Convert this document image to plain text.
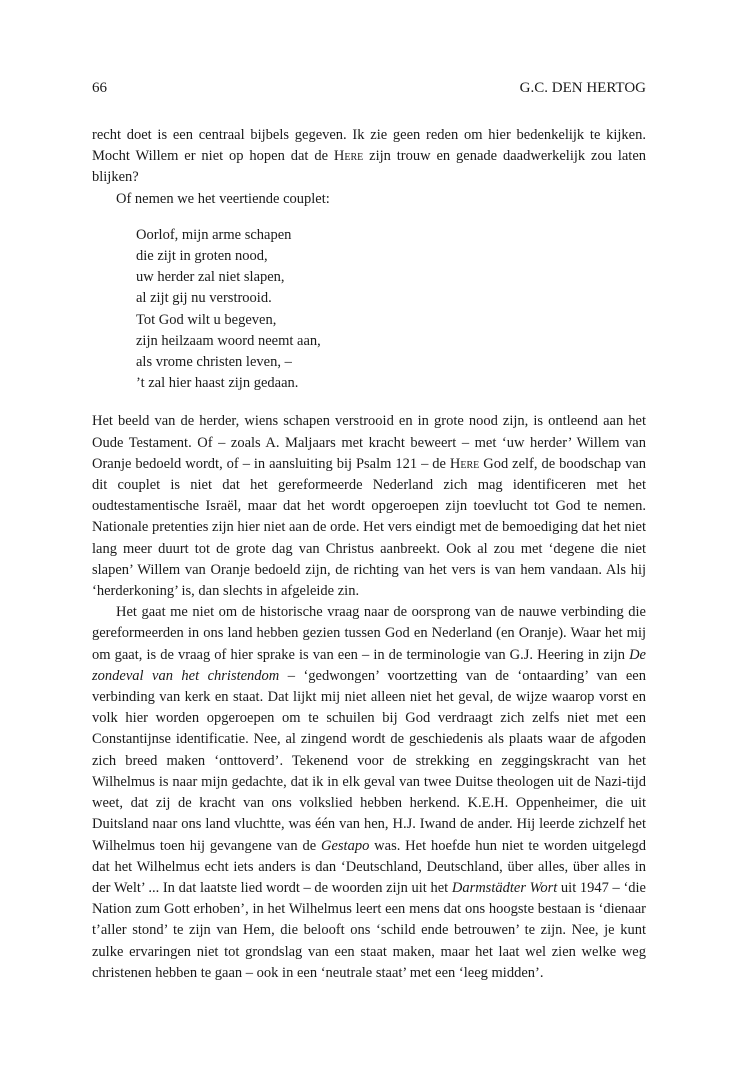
66	G.C. DEN HERTOG

recht doet is een centraal bijbels gegeven. Ik zie geen reden om hier bedenkelijk te kijken. Mocht Willem er niet op hopen dat de Here zijn trouw en genade daadwerkelijk zou laten blijken?

Of nemen we het veertiende couplet:

Oorlof, mijn arme schapen
die zijt in groten nood,
uw herder zal niet slapen,
al zijt gij nu verstrooid.
Tot God wilt u begeven,
zijn heilzaam woord neemt aan,
als vrome christen leven, –
’t zal hier haast zijn gedaan.

Het beeld van de herder, wiens schapen verstrooid en in grote nood zijn, is ontleend aan het Oude Testament. Of – zoals A. Maljaars met kracht beweert – met ‘uw herder’ Willem van Oranje bedoeld wordt, of – in aansluiting bij Psalm 121 – de Here God zelf, de boodschap van dit couplet is niet dat het gereformeerde Nederland zich mag identificeren met het oudtestamentische Israël, maar dat het wordt opgeroepen zijn toevlucht tot God te nemen. Nationale pretenties zijn hier niet aan de orde. Het vers eindigt met de bemoediging dat het niet lang meer duurt tot de grote dag van Christus aanbreekt. Ook al zou met ‘degene die niet slapen’ Willem van Oranje bedoeld zijn, de richting van het vers is van hem vandaan. Als hij ‘herderkoning’ is, dan slechts in afgeleide zin.

Het gaat me niet om de historische vraag naar de oorsprong van de nauwe verbinding die gereformeerden in ons land hebben gezien tussen God en Nederland (en Oranje). Waar het mij om gaat, is de vraag of hier sprake is van een – in de terminologie van G.J. Heering in zijn De zondeval van het christendom – ‘gedwongen’ voortzetting van de ‘ontaarding’ van een verbinding van kerk en staat. Dat lijkt mij niet alleen niet het geval, de wijze waarop vorst en volk hier worden opgeroepen om te schuilen bij God verdraagt zich zelfs niet met een Constantijnse identificatie. Nee, al zingend wordt de geschiedenis als plaats waar de afgoden zich breed maken ‘onttoverd’. Tekenend voor de strekking en zeggingskracht van het Wilhelmus is naar mijn gedachte, dat ik in elk geval van twee Duitse theologen uit de Nazi-tijd weet, dat zij de kracht van ons volkslied hebben herkend. K.E.H. Oppenheimer, die uit Duitsland naar ons land vluchtte, was één van hen, H.J. Iwand de ander. Hij leerde zichzelf het Wilhelmus toen hij gevangene van de Gestapo was. Het hoefde hun niet te worden uitgelegd dat het Wilhelmus echt iets anders is dan ‘Deutschland, Deutschland, über alles, über alles in der Welt’ ... In dat laatste lied wordt – de woorden zijn uit het Darmstädter Wort uit 1947 – ‘die Nation zum Gott erhoben’, in het Wilhelmus leert een mens dat ons hoogste bestaan is ‘dienaar t’aller stond’ te zijn van Hem, die belooft ons ‘schild ende betrouwen’ te zijn. Nee, je kunt zulke ervaringen niet tot grondslag van een staat maken, maar het laat wel zien welke weg christenen hebben te gaan – ook in een ‘neutrale staat’ met een ‘leeg midden’.
